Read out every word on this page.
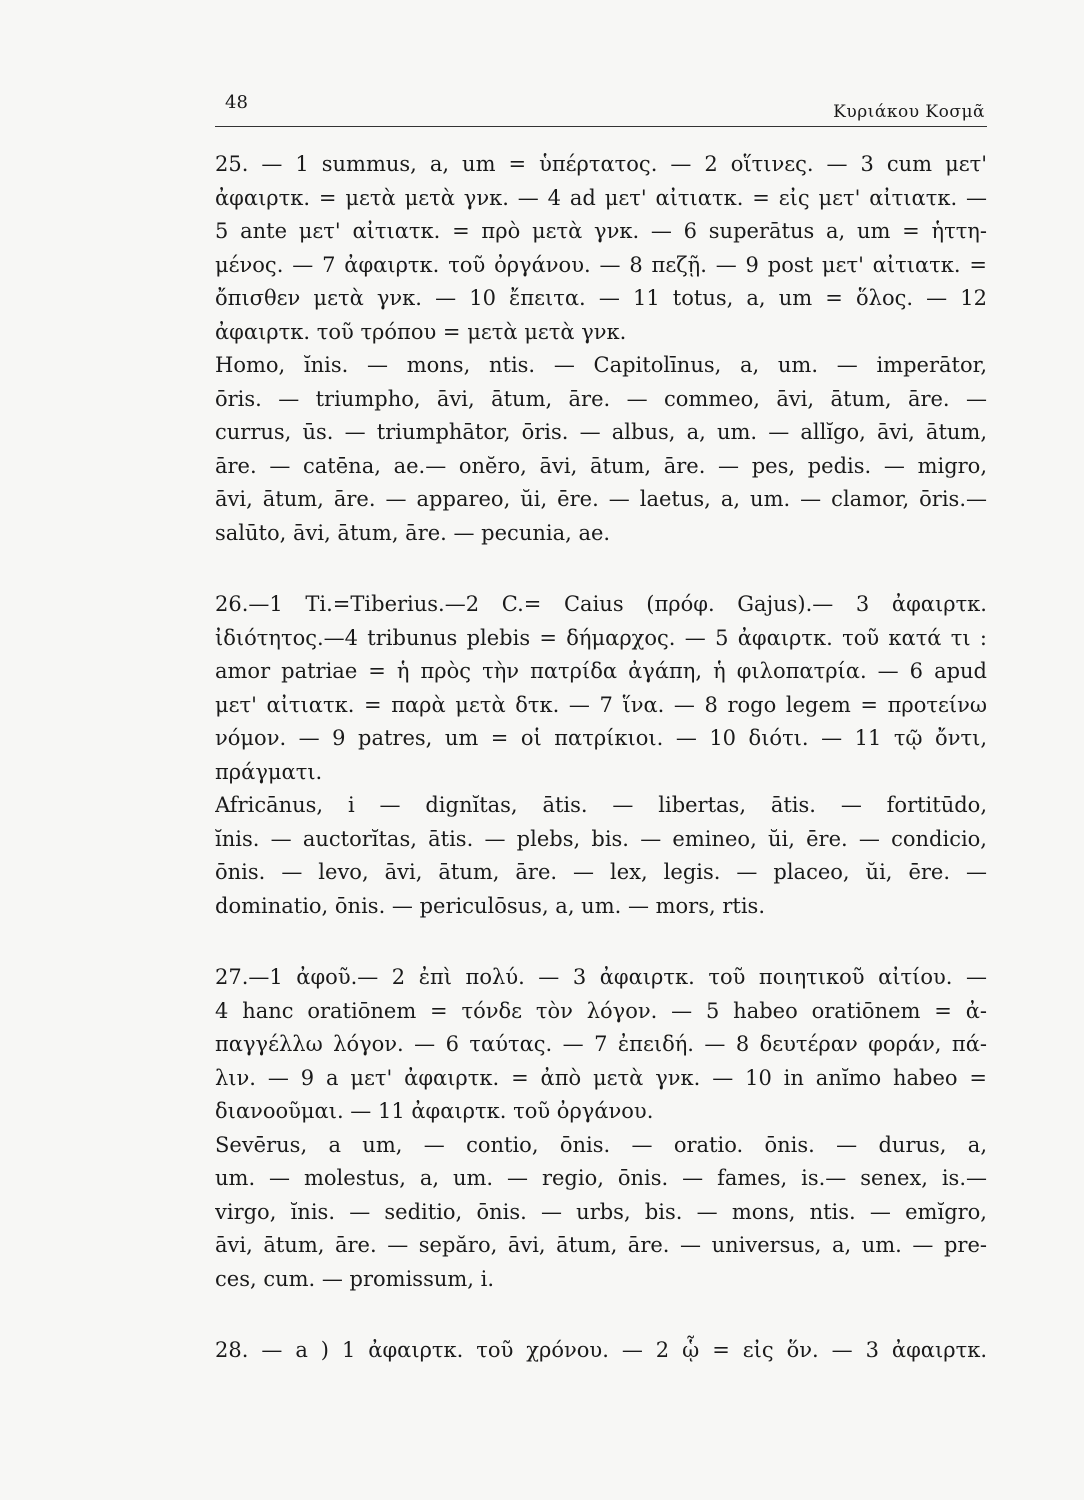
48	Κυριάκου Κοσμᾶ
25. — 1 summus, a, um = ὑπέρτατος. — 2 οἵτινες. — 3 cum μετ'
ἀφαιρτκ. = μετὰ μετὰ γνκ. — 4 ad μετ' αἰτιατκ. = εἰς μετ' αἰτιατκ. —
5 ante μετ' αἰτιατκ. = πρὸ μετὰ γνκ. — 6 superātus a, um = ἡττη-
μένος. — 7 ἀφαιρτκ. τοῦ ὀργάνου. — 8 πεζῇ. — 9 post μετ' αἰτιατκ. =
ὄπισθεν μετὰ γνκ. — 10 ἔπειτα. — 11 totus, a, um = ὅλος. — 12
ἀφαιρτκ. τοῦ τρόπου = μετὰ μετὰ γνκ.
Homo, ĭnis. — mons, ntis. — Capitolīnus, a, um. — imperātor,
ōris. — triumpho, āvi, ātum, āre. — commeo, āvi, ātum, āre. —
currus, ūs. — triumphātor, ōris. — albus, a, um. — allĭgo, āvi, ātum,
āre. — catēna, ae.— onĕro, āvi, ātum, āre. — pes, pedis. — migro,
āvi, ātum, āre. — appareo, ŭi, ēre. — laetus, a, um. — clamor, ōris.—
salūto, āvi, ātum, āre. — pecunia, ae.
26.—1 Ti.=Tiberius.—2 C.= Caius (πρόφ. Gajus).— 3 ἀφαιρτκ.
ἰδιότητος.—4 tribunus plebis = δήμαρχος. — 5 ἀφαιρτκ. τοῦ κατά τι :
amor patriae = ἡ πρὸς τὴν πατρίδα ἀγάπη, ἡ φιλοπατρία. — 6 apud
μετ' αἰτιατκ. = παρὰ μετὰ δτκ. — 7 ἵνα. — 8 rogo legem = προτείνω
νόμον. — 9 patres, um = οἱ πατρίκιοι. — 10 διότι. — 11 τῷ ὄντι,
πράγματι.
Africānus, i — dignĭtas, ātis. — libertas, ātis. — fortitūdo,
ĭnis. — auctorĭtas, ātis. — plebs, bis. — emineo, ŭi, ēre. — condicio,
ōnis. — levo, āvi, ātum, āre. — lex, legis. — placeo, ŭi, ēre. —
dominatio, ōnis. — periculōsus, a, um. — mors, rtis.
27.—1 ἀφοῦ.— 2 ἐπὶ πολύ. — 3 ἀφαιρτκ. τοῦ ποιητικοῦ αἰτίου. —
4 hanc oratiōnem = τόνδε τὸν λόγον. — 5 habeo oratiōnem = ἀ-
παγγέλλω λόγον. — 6 ταύτας. — 7 ἐπειδή. — 8 δευτέραν φοράν, πά-
λιν. — 9 a μετ' ἀφαιρτκ. = ἀπὸ μετὰ γνκ. — 10 in anĭmo habeo =
διανοοῦμαι. — 11 ἀφαιρτκ. τοῦ ὀργάνου.
Sevērus, a um, — contio, ōnis. — oratio. ōnis. — durus, a,
um. — molestus, a, um. — regio, ōnis. — fames, is.— senex, is.—
virgo, ĭnis. — seditio, ōnis. — urbs, bis. — mons, ntis. — emĭgro,
āvi, ātum, āre. — sepăro, āvi, ātum, āre. — universus, a, um. — pre-
ces, cum. — promissum, i.
28. — a ) 1 ἀφαιρτκ. τοῦ χρόνου. — 2 ᾧ = εἰς ὅν. — 3 ἀφαιρτκ.
